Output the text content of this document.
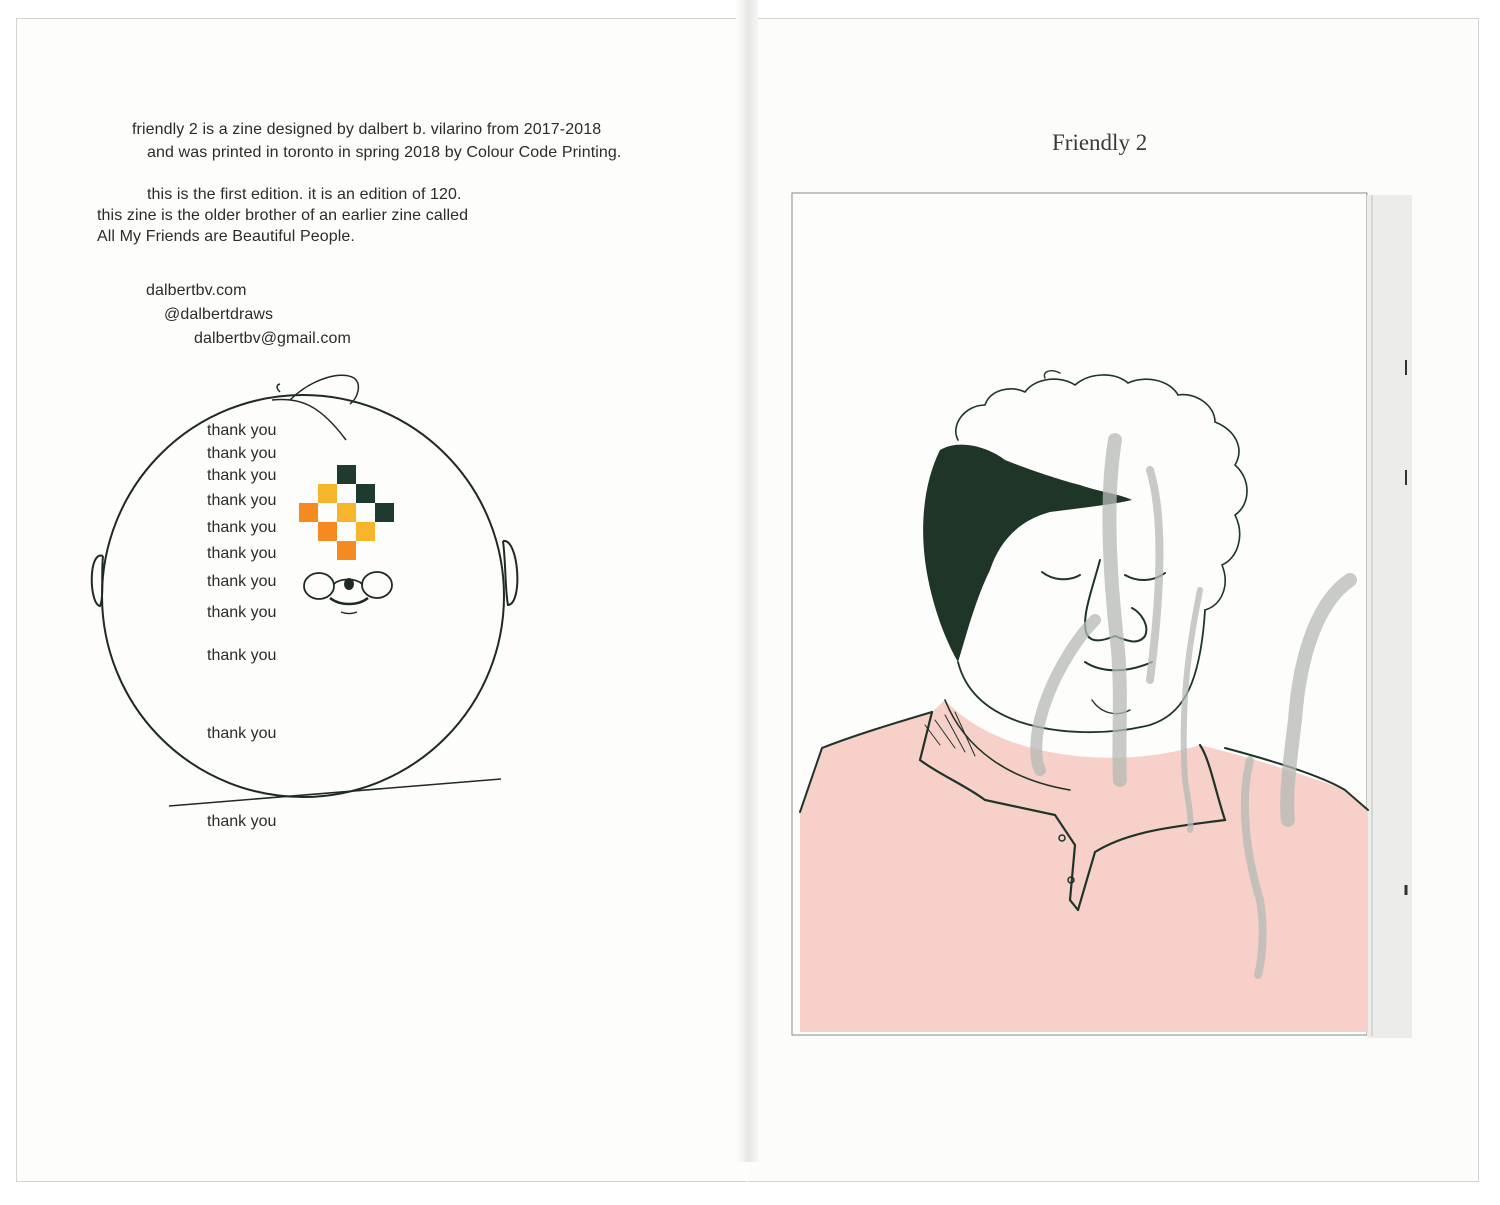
friendly 2 is a zine designed by dalbert b. vilarino from 2017-2018
and was printed in toronto in spring 2018 by Colour Code Printing.
this is the first edition. it is an edition of 120.
this zine is the older brother of an earlier zine called
All My Friends are Beautiful People.
dalbertbv.com
@dalbertdraws
dalbertbv@gmail.com
thank you
thank you
thank you
thank you
thank you
thank you
thank you
thank you
thank you
thank you
thank you
Friendly 2
